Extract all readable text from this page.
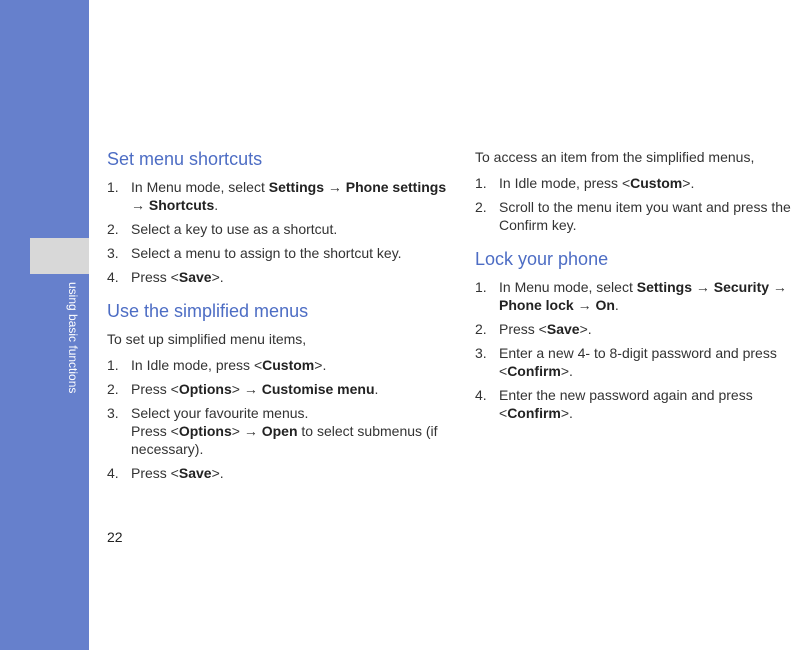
using basic functions
Set menu shortcuts
1. In Menu mode, select Settings → Phone settings → Shortcuts.
2. Select a key to use as a shortcut.
3. Select a menu to assign to the shortcut key.
4. Press <Save>.
Use the simplified menus

To set up simplified menu items,

1. In Idle mode, press <Custom>.
2. Press <Options> → Customise menu.
3. Select your favourite menus.
Press <Options> → Open to select submenus (if necessary).
4. Press <Save>.

To access an item from the simplified menus,

1. In Idle mode, press <Custom>.
2. Scroll to the menu item you want and press the Confirm key.
Lock your phone
1. In Menu mode, select Settings → Security → Phone lock → On.
2. Press <Save>.
3. Enter a new 4- to 8-digit password and press <Confirm>.
4. Enter the new password again and press <Confirm>.
22
